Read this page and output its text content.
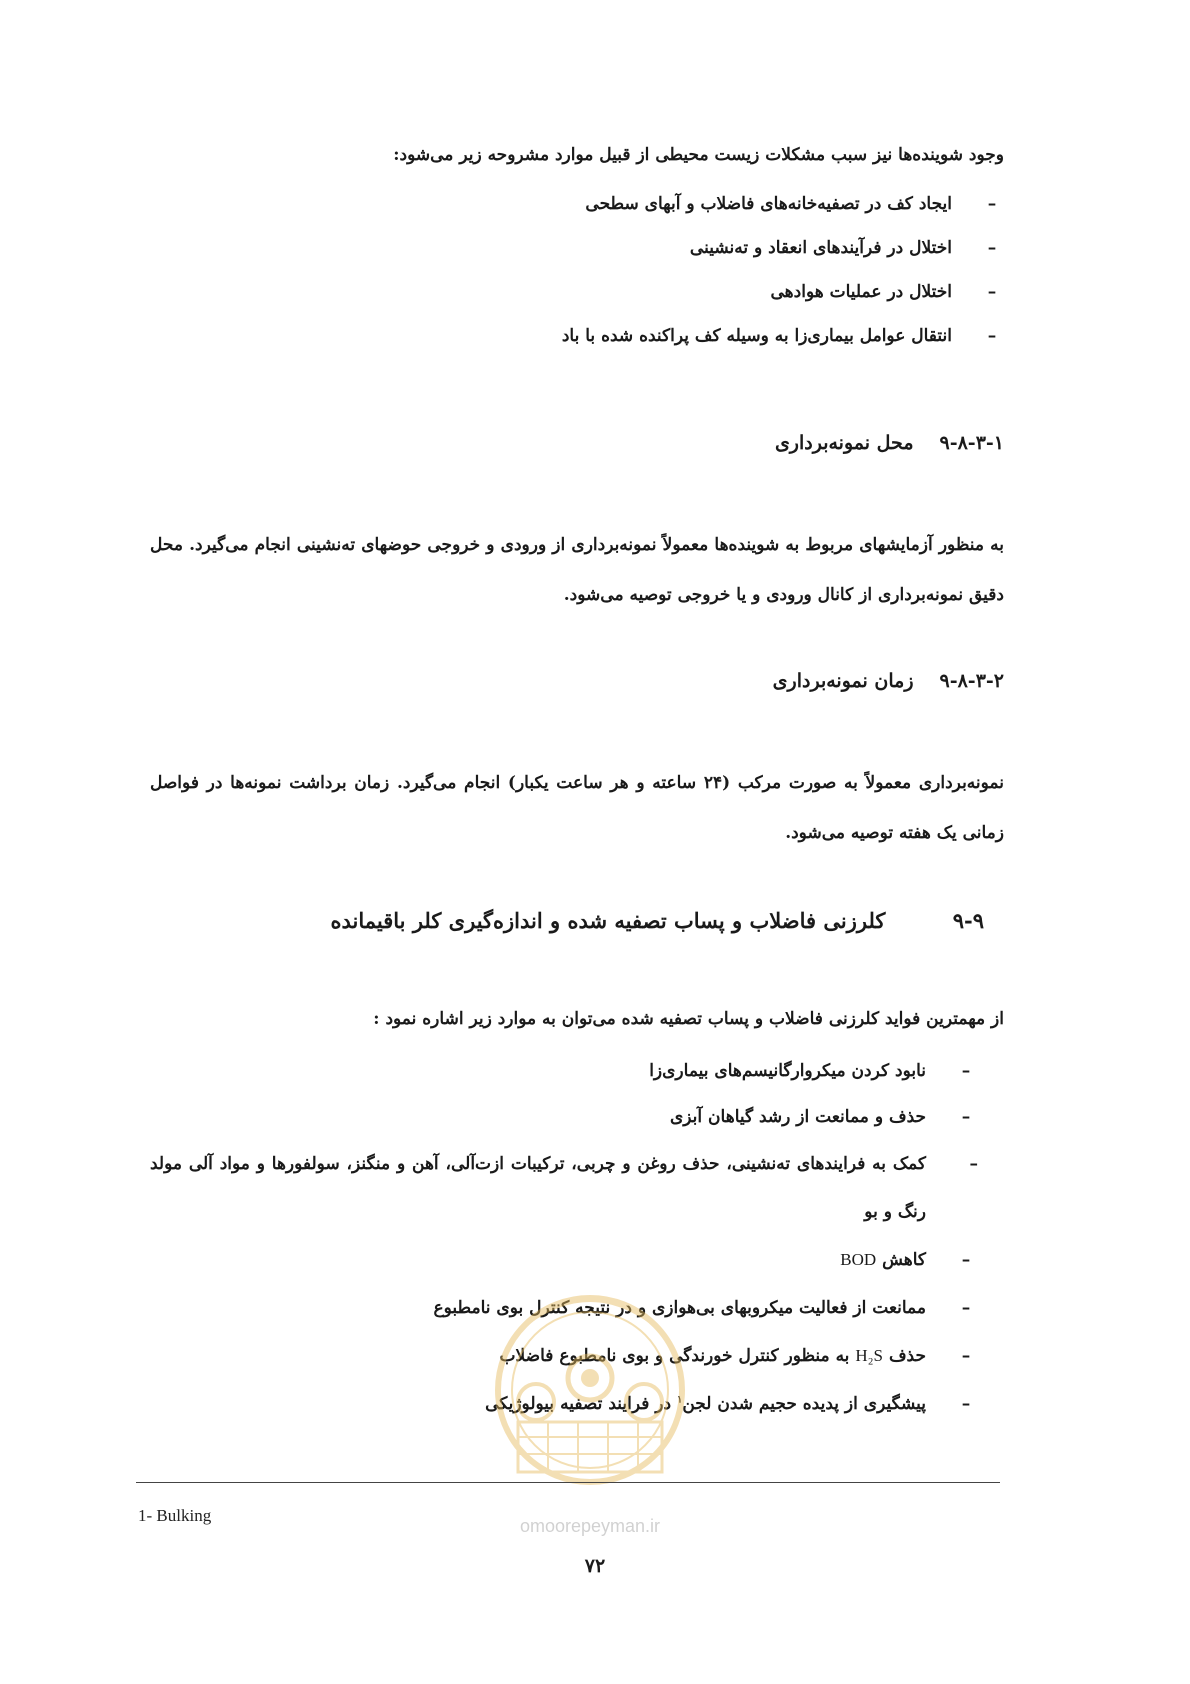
وجود شوینده‌ها نیز سبب مشکلات زیست محیطی از قبیل موارد مشروحه زیر می‌شود:

–
ایجاد کف در تصفیه‌خانه‌های فاضلاب و آبهای سطحی
–
اختلال در فرآیندهای انعقاد و ته‌نشینی
–
اختلال در عملیات هوادهی
–
انتقال عوامل بیماری‌زا به وسیله کف پراکنده شده با باد
۹-۸-۳-۱
محل نمونه‌برداری

به منظور آزمایشهای مربوط به شوینده‌ها معمولاً نمونه‌برداری از ورودی و خروجی حوضهای ته‌نشینی انجام می‌گیرد. محل دقیق نمونه‌برداری از کانال ورودی و یا خروجی توصیه می‌شود.

۹-۸-۳-۲
زمان نمونه‌برداری

نمونه‌برداری معمولاً به صورت مرکب (۲۴ ساعته و هر ساعت یکبار) انجام می‌گیرد. زمان برداشت نمونه‌ها در فواصل زمانی یک هفته توصیه می‌شود.

۹-۹ کلرزنی فاضلاب و پساب تصفیه شده و اندازه‌گیری کلر باقیمانده

از مهمترین فواید کلرزنی فاضلاب و پساب تصفیه شده می‌توان به موارد زیر اشاره نمود :

–
نابود کردن میکروارگانیسم‌های بیماری‌زا
–
حذف و ممانعت از رشد گیاهان آبزی
–
کمک به فرایندهای ته‌نشینی، حذف روغن و چربی، ترکیبات ازت‌آلی، آهن و منگنز، سولفورها و مواد آلی مولد رنگ و بو
–
کاهش BOD
–
ممانعت از فعالیت میکروبهای بی‌هوازی و در نتیجه کنترل بوی نامطبوع
–
حذف H₂S به منظور کنترل خورندگی و بوی نامطبوع فاضلاب
–
پیشگیری از پدیده حجیم شدن لجن$^۱$ در فرایند تصفیه بیولوژیکی
omoorepeyman.ir
1- Bulking
۷۲
